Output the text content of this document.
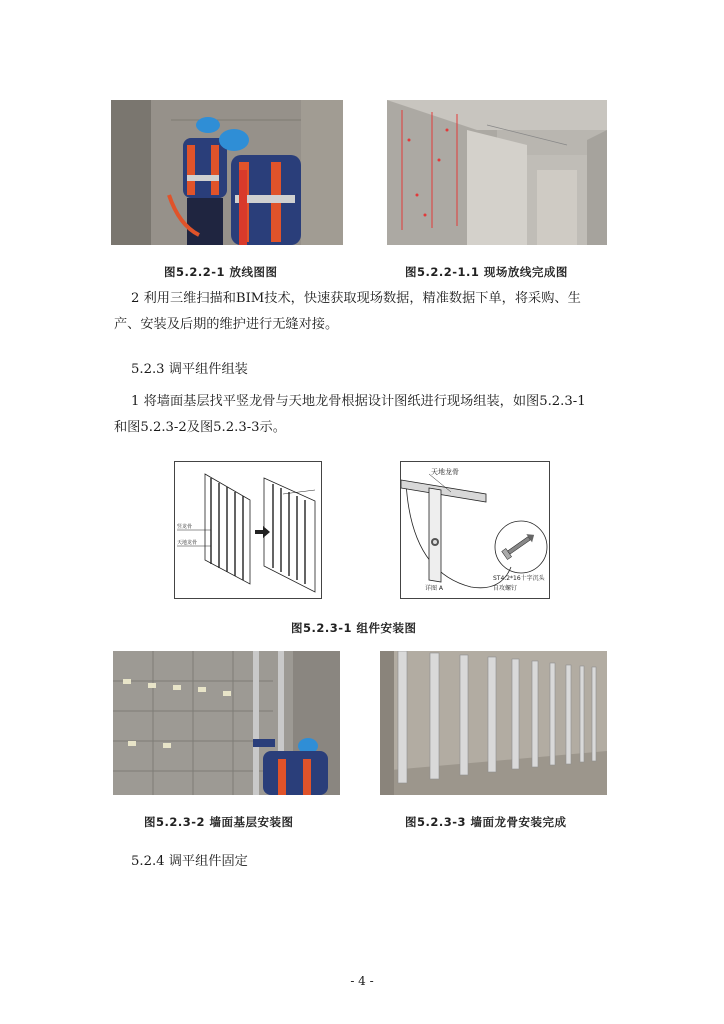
图5.2.2-1 放线图图	图5.2.2-1.1 现场放线完成图
2 利用三维扫描和BIM技术，快速获取现场数据，精准数据下单，将采购、生
产、安装及后期的维护进行无缝对接。
5.2.3 调平组件组装
1 将墙面基层找平竖龙骨与天地龙骨根据设计图纸进行现场组装，如图5.2.3-1
和图5.2.3-2及图5.2.3-3示。
竖龙骨
天地龙骨
天地龙骨
ST4.2*16十字沉头
自攻螺钉
详图 A
图5.2.3-1 组件安装图
图5.2.3-2 墙面基层安装图	图5.2.3-3 墙面龙骨安装完成
5.2.4 调平组件固定
- 4 -
